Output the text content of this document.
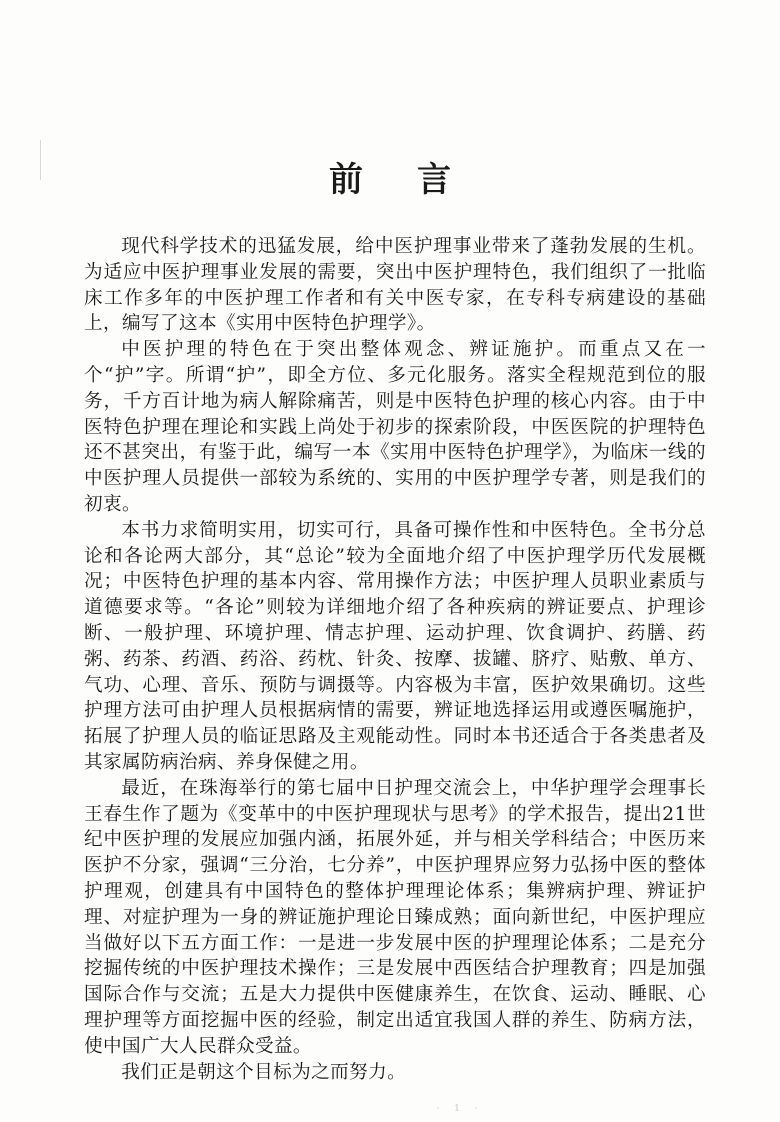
前言

现代科学技术的迅猛发展，给中医护理事业带来了蓬勃发展的生机。为适应中医护理事业发展的需要，突出中医护理特色，我们组织了一批临床工作多年的中医护理工作者和有关中医专家，在专科专病建设的基础上，编写了这本《实用中医特色护理学》。

中医护理的特色在于突出整体观念、辨证施护。而重点又在一个“护”字。所谓“护”，即全方位、多元化服务。落实全程规范到位的服务，千方百计地为病人解除痛苦，则是中医特色护理的核心内容。由于中医特色护理在理论和实践上尚处于初步的探索阶段，中医医院的护理特色还不甚突出，有鉴于此，编写一本《实用中医特色护理学》，为临床一线的中医护理人员提供一部较为系统的、实用的中医护理学专著，则是我们的初衷。

本书力求简明实用，切实可行，具备可操作性和中医特色。全书分总论和各论两大部分，其“总论”较为全面地介绍了中医护理学历代发展概况；中医特色护理的基本内容、常用操作方法；中医护理人员职业素质与道德要求等。“各论”则较为详细地介绍了各种疾病的辨证要点、护理诊断、一般护理、环境护理、情志护理、运动护理、饮食调护、药膳、药粥、药茶、药酒、药浴、药枕、针灸、按摩、拔罐、脐疗、贴敷、单方、气功、心理、音乐、预防与调摄等。内容极为丰富，医护效果确切。这些护理方法可由护理人员根据病情的需要，辨证地选择运用或遵医嘱施护，拓展了护理人员的临证思路及主观能动性。同时本书还适合于各类患者及其家属防病治病、养身保健之用。

最近，在珠海举行的第七届中日护理交流会上，中华护理学会理事长王春生作了题为《变革中的中医护理现状与思考》的学术报告，提出21世纪中医护理的发展应加强内涵，拓展外延，并与相关学科结合；中医历来医护不分家，强调“三分治，七分养”，中医护理界应努力弘扬中医的整体护理观，创建具有中国特色的整体护理理论体系；集辨病护理、辨证护理、对症护理为一身的辨证施护理论日臻成熟；面向新世纪，中医护理应当做好以下五方面工作：一是进一步发展中医的护理理论体系；二是充分挖掘传统的中医护理技术操作；三是发展中西医结合护理教育；四是加强国际合作与交流；五是大力提供中医健康养生，在饮食、运动、睡眠、心理护理等方面挖掘中医的经验，制定出适宜我国人群的养生、防病方法，使中国广大人民群众受益。

我们正是朝这个目标为之而努力。

· 1 ·
